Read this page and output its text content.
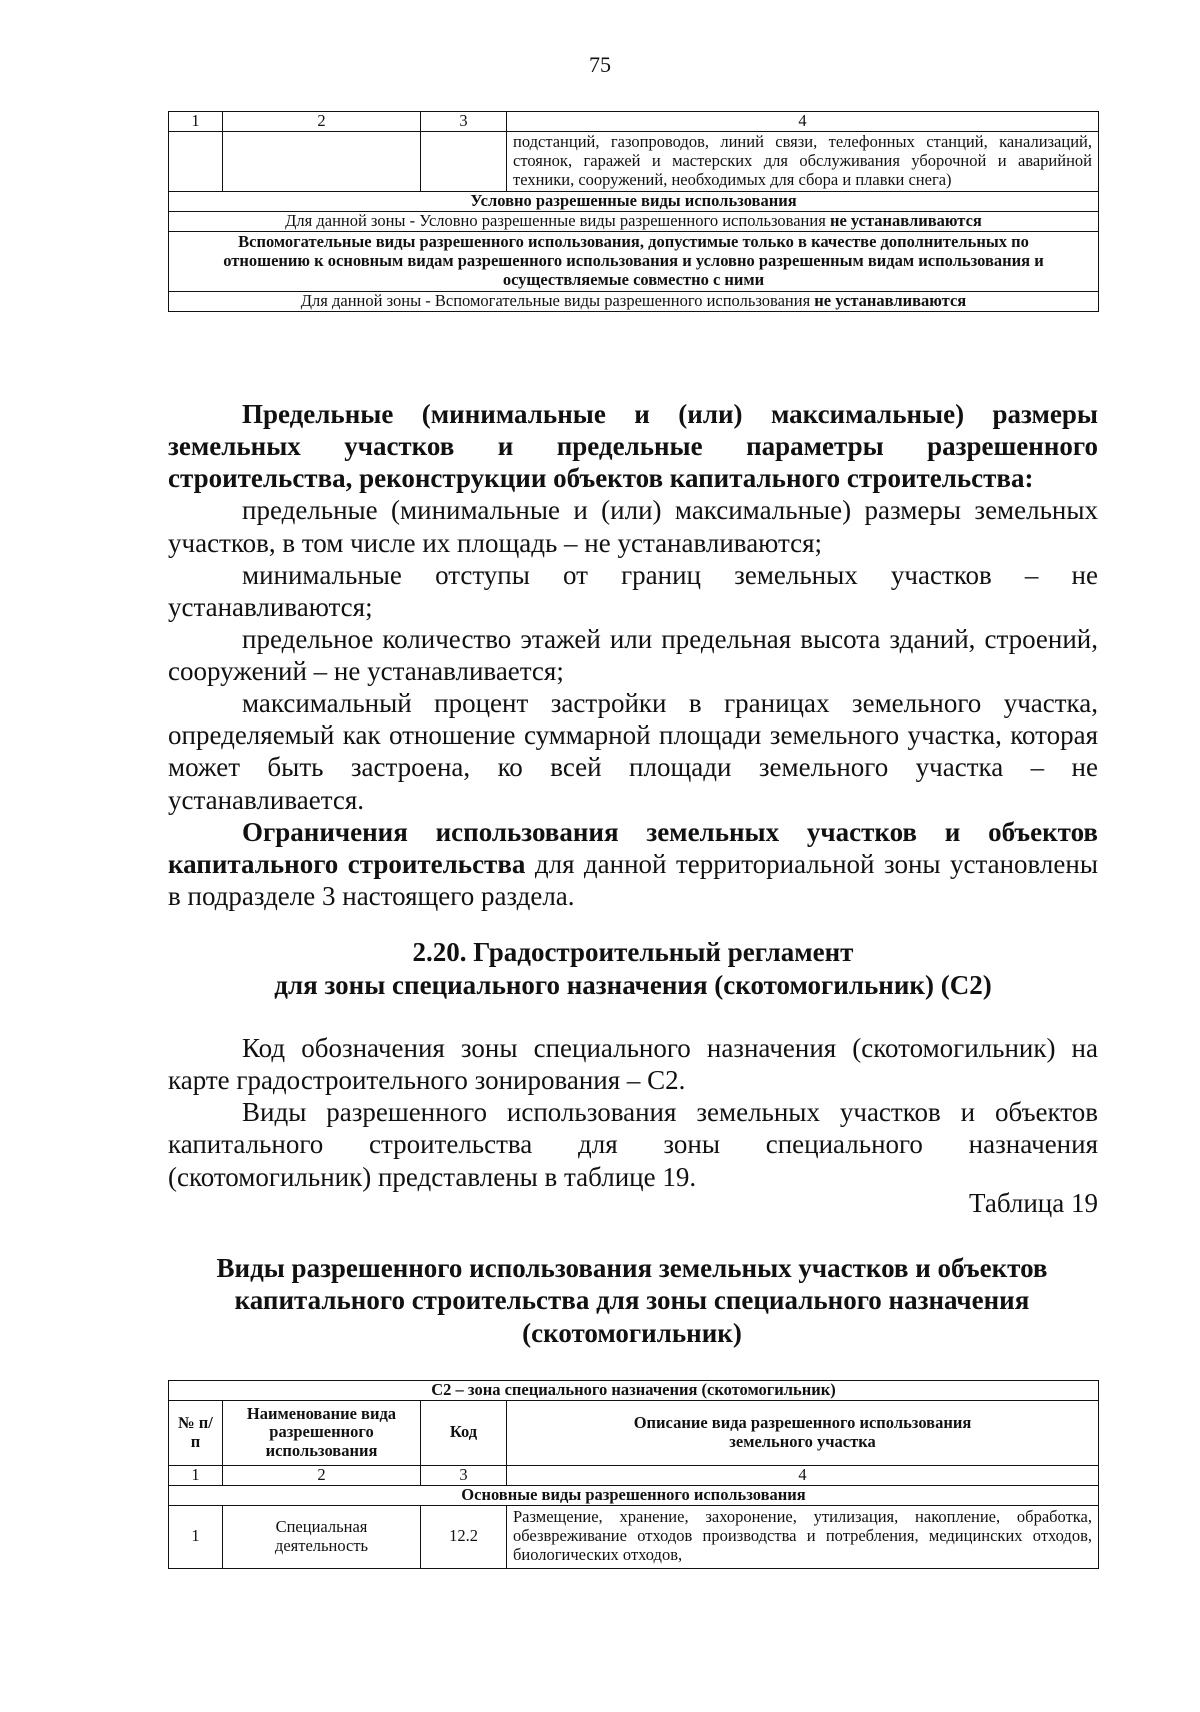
75
1	2	3	4
			подстанций, газопроводов, линий связи, телефонных станций, канализаций, стоянок, гаражей и мастерских для обслуживания уборочной и аварийной техники, сооружений, необходимых для сбора и плавки снега)
Условно разрешенные виды использования			
Для данной зоны - Условно разрешенные виды разрешенного использования не устанавливаются			
Вспомогательные виды разрешенного использования, допустимые только в качестве дополнительных по отношению к основным видам разрешенного использования и условно разрешенным видам использования и осуществляемые совместно с ними			
Для данной зоны - Вспомогательные виды разрешенного использования не устанавливаются			

Предельные (минимальные и (или) максимальные) размеры земельных участков и предельные параметры разрешенного строительства, реконструкции объектов капитального строительства:

предельные (минимальные и (или) максимальные) размеры земельных участков, в том числе их площадь – не устанавливаются;

минимальные отступы от границ земельных участков – не устанавливаются;

предельное количество этажей или предельная высота зданий, строений, сооружений – не устанавливается;

максимальный процент застройки в границах земельного участка, определяемый как отношение суммарной площади земельного участка, которая может быть застроена, ко всей площади земельного участка – не устанавливается.

Ограничения использования земельных участков и объектов капитального строительства для данной территориальной зоны установлены в подразделе 3 настоящего раздела.

2.20. Градостроительный регламент
для зоны специального назначения (скотомогильник) (С2)

Код обозначения зоны специального назначения (скотомогильник) на карте градостроительного зонирования – С2.

Виды разрешенного использования земельных участков и объектов капитального строительства для зоны специального назначения (скотомогильник) представлены в таблице 19.

Таблица 19
Виды разрешенного использования земельных участков и объектов капитального строительства для зоны специального назначения (скотомогильник)
С2 – зона специального назначения (скотомогильник)			
№ п/п	Наименование вида разрешенного использования	Код	Описание вида разрешенного использования земельного участка
1	2	3	4
Основные виды разрешенного использования			
1	Специальная деятельность	12.2	Размещение, хранение, захоронение, утилизация, накопление, обработка, обезвреживание отходов производства и потребления, медицинских отходов, биологических отходов,
